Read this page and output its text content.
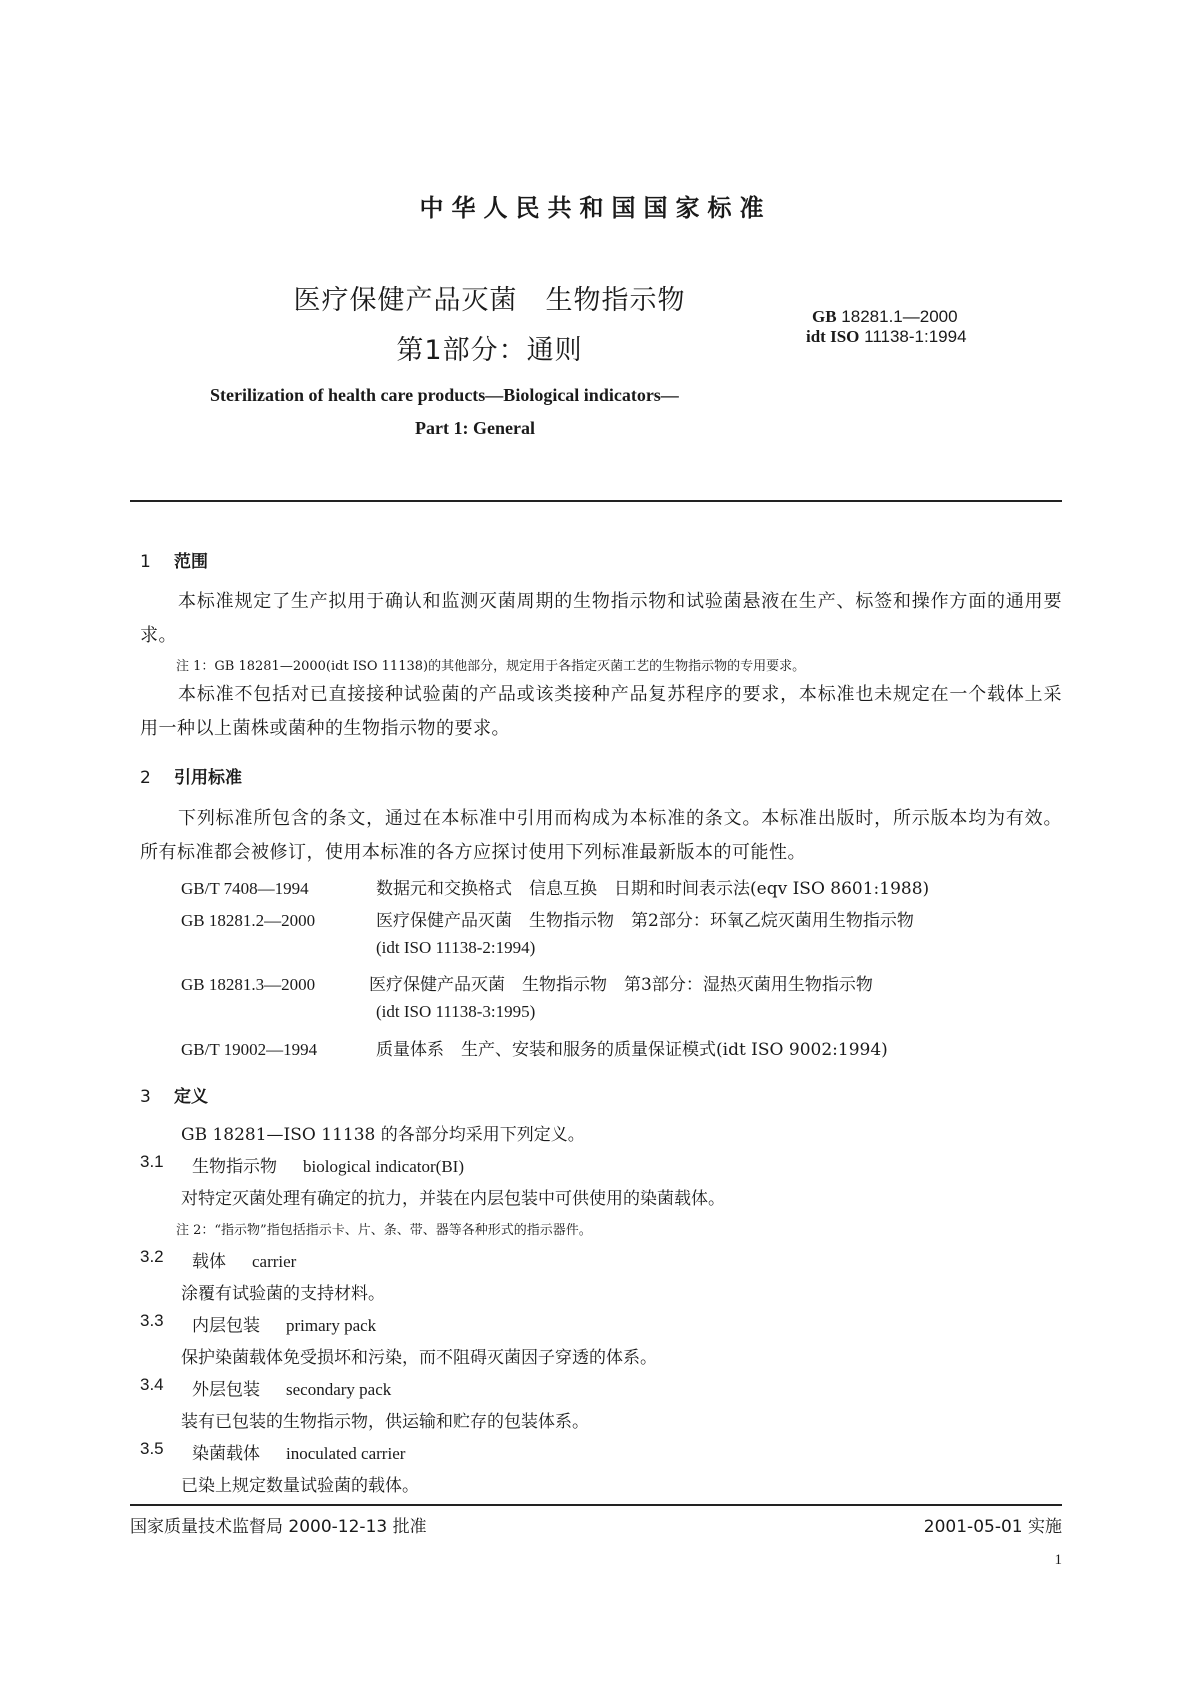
中华人民共和国国家标准
医疗保健产品灭菌　生物指示物
第1部分：通则
GB 18281.1—2000
idt ISO 11138-1:1994
Sterilization of health care products—Biological indicators—
Part 1: General
1 范围
本标准规定了生产拟用于确认和监测灭菌周期的生物指示物和试验菌悬液在生产、标签和操作方面的通用要求。
注 1：GB 18281—2000(idt ISO 11138)的其他部分，规定用于各指定灭菌工艺的生物指示物的专用要求。
本标准不包括对已直接接种试验菌的产品或该类接种产品复苏程序的要求，本标准也未规定在一个载体上采用一种以上菌株或菌种的生物指示物的要求。
2 引用标准
下列标准所包含的条文，通过在本标准中引用而构成为本标准的条文。本标准出版时，所示版本均为有效。所有标准都会被修订，使用本标准的各方应探讨使用下列标准最新版本的可能性。
GB/T 7408—1994	数据元和交换格式　信息互换　日期和时间表示法(eqv ISO 8601:1988)
GB 18281.2—2000	医疗保健产品灭菌　生物指示物　第2部分：环氧乙烷灭菌用生物指示物
(idt ISO 11138-2:1994)
GB 18281.3—2000	医疗保健产品灭菌　生物指示物　第3部分：湿热灭菌用生物指示物
(idt ISO 11138-3:1995)
GB/T 19002—1994	质量体系　生产、安装和服务的质量保证模式(idt ISO 9002:1994)
3 定义
GB 18281—ISO 11138 的各部分均采用下列定义。
3.1 生物指示物 biological indicator(BI)
对特定灭菌处理有确定的抗力，并装在内层包装中可供使用的染菌载体。
注 2：“指示物”指包括指示卡、片、条、带、器等各种形式的指示器件。
3.2 载体 carrier
涂覆有试验菌的支持材料。
3.3 内层包装 primary pack
保护染菌载体免受损坏和污染，而不阻碍灭菌因子穿透的体系。
3.4 外层包装 secondary pack
装有已包装的生物指示物，供运输和贮存的包装体系。
3.5 染菌载体 inoculated carrier
已染上规定数量试验菌的载体。
国家质量技术监督局 2000-12-13 批准	2001-05-01 实施
1
